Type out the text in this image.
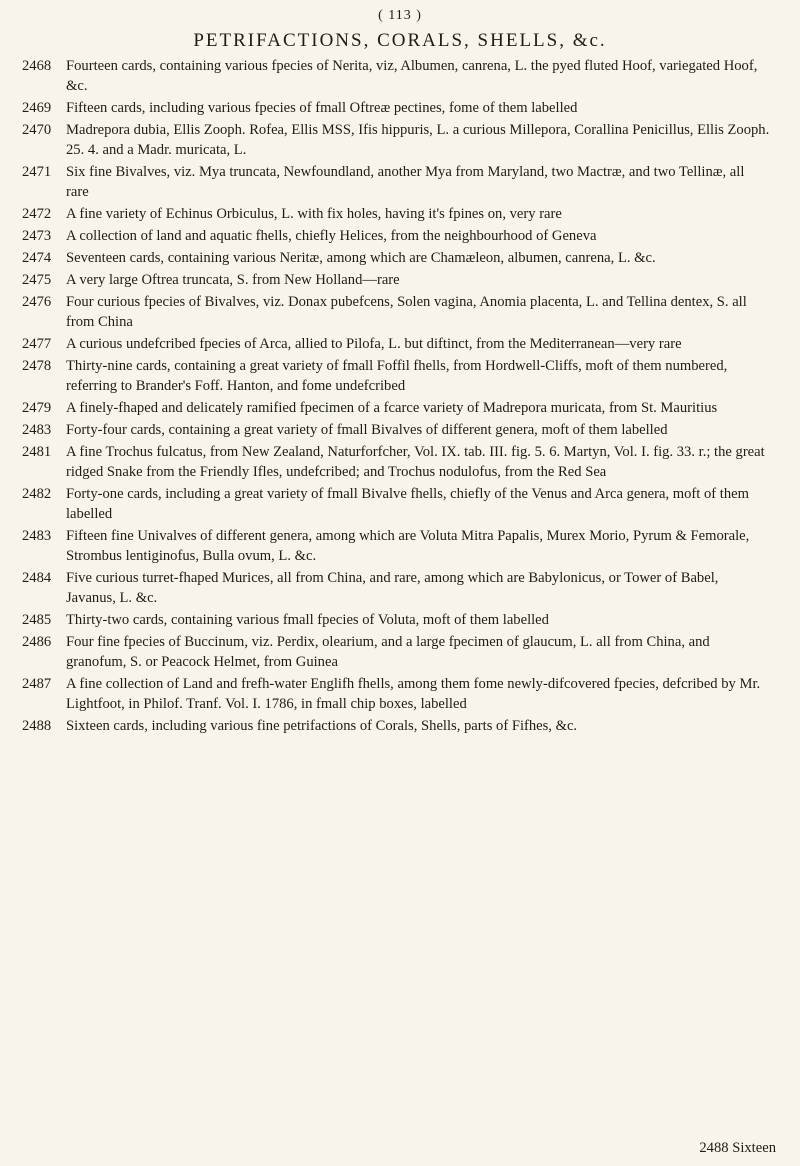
( 113 )
PETRIFACTIONS, CORALS, SHELLS, &c.
2468	Fourteen cards, containing various fpecies of Nerita, viz, Albumen, canrena, L. the pyed fluted Hoof, variegated Hoof, &c.
2469	Fifteen cards, including various fpecies of fmall Oftreæ pectines, fome of them labelled
2470	Madrepora dubia, Ellis Zooph. Rofea, Ellis MSS, Ifis hippuris, L. a curious Millepora, Corallina Penicillus, Ellis Zooph. 25. 4. and a Madr. muricata, L.
2471	Six fine Bivalves, viz. Mya truncata, Newfoundland, another Mya from Maryland, two Mactræ, and two Tellinæ, all rare
2472	A fine variety of Echinus Orbiculus, L. with fix holes, having it's fpines on, very rare
2473	A collection of land and aquatic fhells, chiefly Helices, from the neighbourhood of Geneva
2474	Seventeen cards, containing various Neritæ, among which are Chamæleon, albumen, canrena, L. &c.
2475	A very large Oftrea truncata, S. from New Holland—rare
2476	Four curious fpecies of Bivalves, viz. Donax pubefcens, Solen vagina, Anomia placenta, L. and Tellina dentex, S. all from China
2477	A curious undefcribed fpecies of Arca, allied to Pilofa, L. but diftinct, from the Mediterranean—very rare
2478	Thirty-nine cards, containing a great variety of fmall Foffil fhells, from Hordwell-Cliffs, moft of them numbered, referring to Brander's Foff. Hanton, and fome undefcribed
2479	A finely-fhaped and delicately ramified fpecimen of a fcarce variety of Madrepora muricata, from St. Mauritius
2483	Forty-four cards, containing a great variety of fmall Bivalves of different genera, moft of them labelled
2481	A fine Trochus fulcatus, from New Zealand, Naturforfcher, Vol. IX. tab. III. fig. 5. 6. Martyn, Vol. I. fig. 33. r.; the great ridged Snake from the Friendly Ifles, undefcribed; and Trochus nodulofus, from the Red Sea
2482	Forty-one cards, including a great variety of fmall Bivalve fhells, chiefly of the Venus and Arca genera, moft of them labelled
2483	Fifteen fine Univalves of different genera, among which are Voluta Mitra Papalis, Murex Morio, Pyrum & Femorale, Strombus lentiginofus, Bulla ovum, L. &c.
2484	Five curious turret-fhaped Murices, all from China, and rare, among which are Babylonicus, or Tower of Babel, Javanus, L. &c.
2485	Thirty-two cards, containing various fmall fpecies of Voluta, moft of them labelled
2486	Four fine fpecies of Buccinum, viz. Perdix, olearium, and a large fpecimen of glaucum, L. all from China, and granofum, S. or Peacock Helmet, from Guinea
2487	A fine collection of Land and frefh-water Englifh fhells, among them fome newly-difcovered fpecies, defcribed by Mr. Lightfoot, in Philof. Tranf. Vol. I. 1786, in fmall chip boxes, labelled
2488	Sixteen cards, including various fine petrifactions of Corals, Shells, parts of Fifhes, &c.
2488 Sixteen
